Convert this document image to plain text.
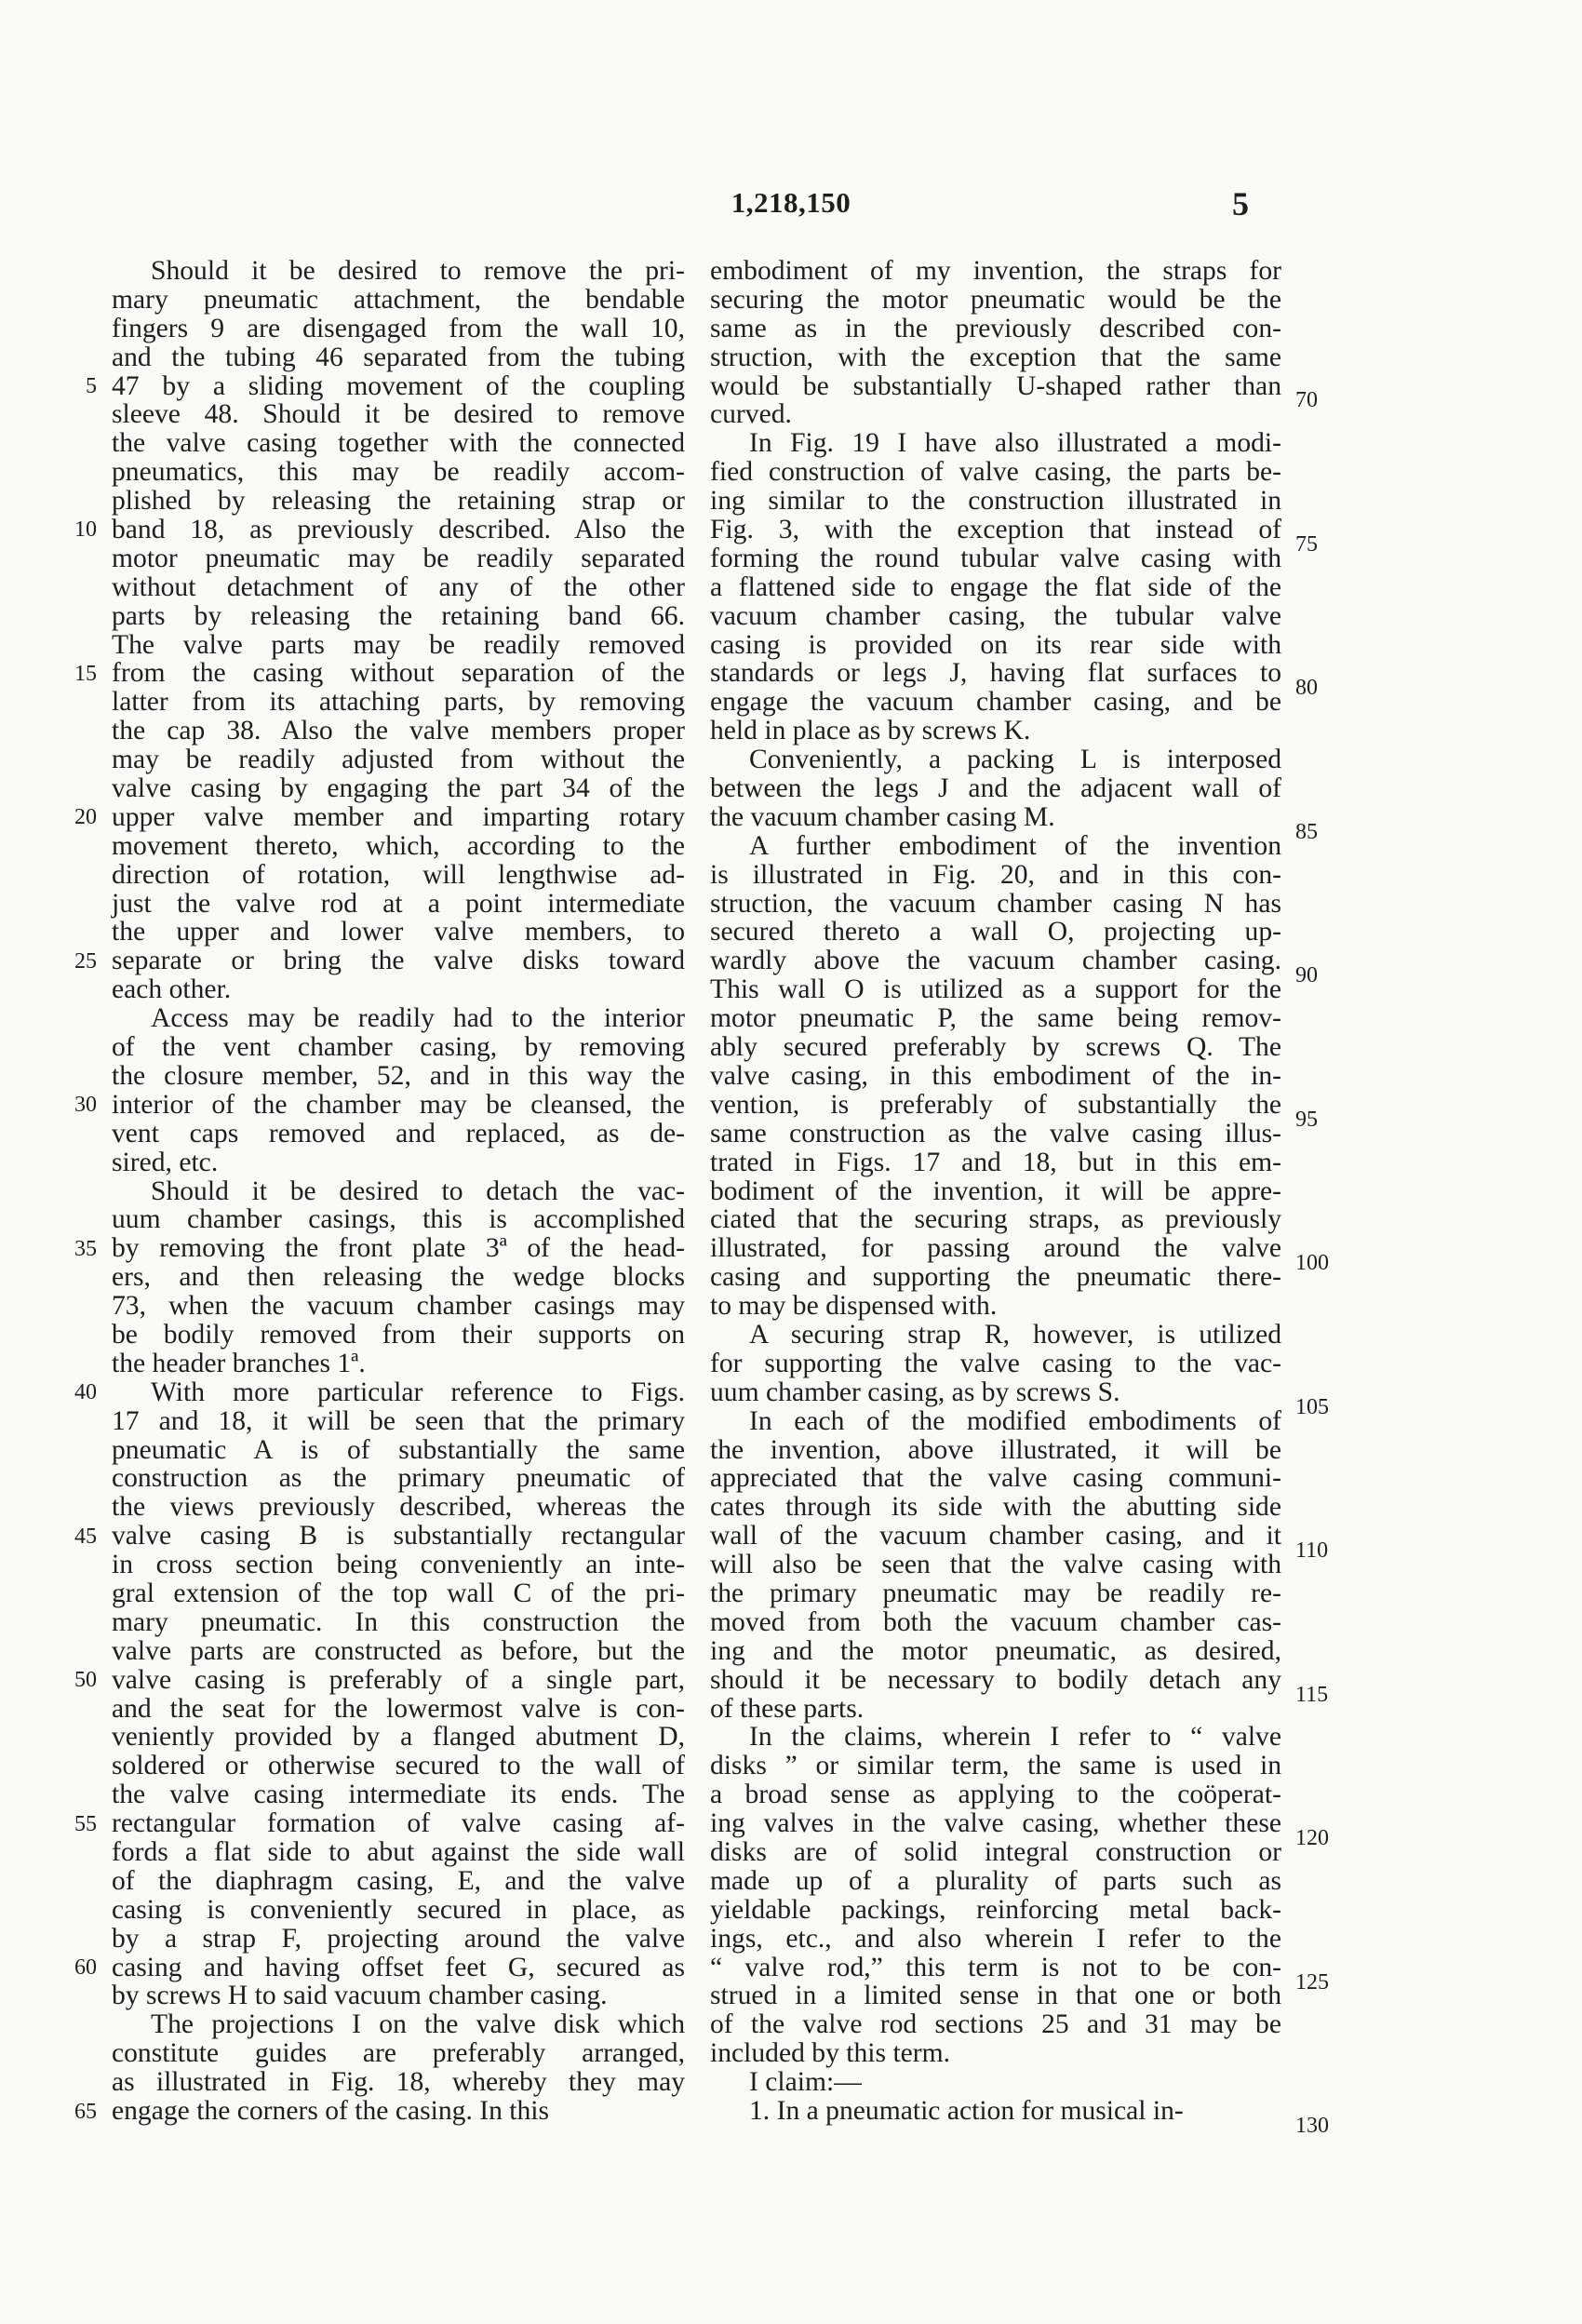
1,218,150	5
5
10
15
20
25
30
35
40
45
50
55
60
65
Should it be desired to remove the pri-
mary pneumatic attachment, the bendable
fingers 9 are disengaged from the wall 10,
and the tubing 46 separated from the tubing
47 by a sliding movement of the coupling
sleeve 48. Should it be desired to remove
the valve casing together with the connected
pneumatics, this may be readily accom-
plished by releasing the retaining strap or
band 18, as previously described. Also the
motor pneumatic may be readily separated
without detachment of any of the other
parts by releasing the retaining band 66.
The valve parts may be readily removed
from the casing without separation of the
latter from its attaching parts, by removing
the cap 38. Also the valve members proper
may be readily adjusted from without the
valve casing by engaging the part 34 of the
upper valve member and imparting rotary
movement thereto, which, according to the
direction of rotation, will lengthwise ad-
just the valve rod at a point intermediate
the upper and lower valve members, to
separate or bring the valve disks toward
each other.
Access may be readily had to the interior
of the vent chamber casing, by removing
the closure member, 52, and in this way the
interior of the chamber may be cleansed, the
vent caps removed and replaced, as de-
sired, etc.
Should it be desired to detach the vac-
uum chamber casings, this is accomplished
by removing the front plate 3ª of the head-
ers, and then releasing the wedge blocks
73, when the vacuum chamber casings may
be bodily removed from their supports on
the header branches 1ª.
With more particular reference to Figs.
17 and 18, it will be seen that the primary
pneumatic A is of substantially the same
construction as the primary pneumatic of
the views previously described, whereas the
valve casing B is substantially rectangular
in cross section being conveniently an inte-
gral extension of the top wall C of the pri-
mary pneumatic. In this construction the
valve parts are constructed as before, but the
valve casing is preferably of a single part,
and the seat for the lowermost valve is con-
veniently provided by a flanged abutment D,
soldered or otherwise secured to the wall of
the valve casing intermediate its ends. The
rectangular formation of valve casing af-
fords a flat side to abut against the side wall
of the diaphragm casing, E, and the valve
casing is conveniently secured in place, as
by a strap F, projecting around the valve
casing and having offset feet G, secured as
by screws H to said vacuum chamber casing.
The projections I on the valve disk which
constitute guides are preferably arranged,
as illustrated in Fig. 18, whereby they may
engage the corners of the casing. In this
embodiment of my invention, the straps for
securing the motor pneumatic would be the
same as in the previously described con-
struction, with the exception that the same
would be substantially U-shaped rather than
curved.
In Fig. 19 I have also illustrated a modi-
fied construction of valve casing, the parts be-
ing similar to the construction illustrated in
Fig. 3, with the exception that instead of
forming the round tubular valve casing with
a flattened side to engage the flat side of the
vacuum chamber casing, the tubular valve
casing is provided on its rear side with
standards or legs J, having flat surfaces to
engage the vacuum chamber casing, and be
held in place as by screws K.
Conveniently, a packing L is interposed
between the legs J and the adjacent wall of
the vacuum chamber casing M.
A further embodiment of the invention
is illustrated in Fig. 20, and in this con-
struction, the vacuum chamber casing N has
secured thereto a wall O, projecting up-
wardly above the vacuum chamber casing.
This wall O is utilized as a support for the
motor pneumatic P, the same being remov-
ably secured preferably by screws Q. The
valve casing, in this embodiment of the in-
vention, is preferably of substantially the
same construction as the valve casing illus-
trated in Figs. 17 and 18, but in this em-
bodiment of the invention, it will be appre-
ciated that the securing straps, as previously
illustrated, for passing around the valve
casing and supporting the pneumatic there-
to may be dispensed with.
A securing strap R, however, is utilized
for supporting the valve casing to the vac-
uum chamber casing, as by screws S.
In each of the modified embodiments of
the invention, above illustrated, it will be
appreciated that the valve casing communi-
cates through its side with the abutting side
wall of the vacuum chamber casing, and it
will also be seen that the valve casing with
the primary pneumatic may be readily re-
moved from both the vacuum chamber cas-
ing and the motor pneumatic, as desired,
should it be necessary to bodily detach any
of these parts.
In the claims, wherein I refer to “ valve
disks ” or similar term, the same is used in
a broad sense as applying to the coöperat-
ing valves in the valve casing, whether these
disks are of solid integral construction or
made up of a plurality of parts such as
yieldable packings, reinforcing metal back-
ings, etc., and also wherein I refer to the
“ valve rod,” this term is not to be con-
strued in a limited sense in that one or both
of the valve rod sections 25 and 31 may be
included by this term.
I claim:—
1. In a pneumatic action for musical in-
70
75
80
85
90
95
100
105
110
115
120
125
130
